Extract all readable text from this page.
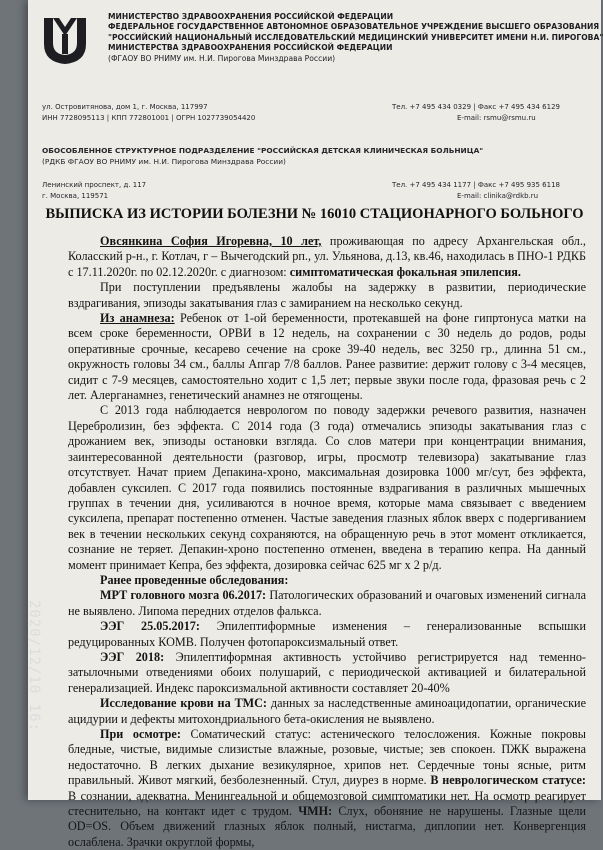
МИНИСТЕРСТВО ЗДРАВООХРАНЕНИЯ РОССИЙСКОЙ ФЕДЕРАЦИИ
ФЕДЕРАЛЬНОЕ ГОСУДАРСТВЕННОЕ АВТОНОМНОЕ ОБРАЗОВАТЕЛЬНОЕ УЧРЕЖДЕНИЕ ВЫСШЕГО ОБРАЗОВАНИЯ
"РОССИЙСКИЙ НАЦИОНАЛЬНЫЙ ИССЛЕДОВАТЕЛЬСКИЙ МЕДИЦИНСКИЙ УНИВЕРСИТЕТ ИМЕНИ Н.И. ПИРОГОВА"
МИНИСТЕРСТВА ЗДРАВООХРАНЕНИЯ РОССИЙСКОЙ ФЕДЕРАЦИИ
(ФГАОУ ВО РНИМУ им. Н.И. Пирогова Минздрава России)
ул. Островитянова, дом 1, г. Москва, 117997	Тел. +7 495 434 0329 | Факс +7 495 434 6129
ИНН 7728095113 | КПП 772801001 | ОГРН 1027739054420	E-mail: rsmu@rsmu.ru
ОБОСОБЛЕННОЕ СТРУКТУРНОЕ ПОДРАЗДЕЛЕНИЕ "РОССИЙСКАЯ ДЕТСКАЯ КЛИНИЧЕСКАЯ БОЛЬНИЦА"
(РДКБ ФГАОУ ВО РНИМУ им. Н.И. Пирогова Минздрава России)
Ленинский проспект, д. 117	Тел. +7 495 434 1177 | Факс +7 495 935 6118
г. Москва, 119571	E-mail: clinika@rdkb.ru
ВЫПИСКА ИЗ ИСТОРИИ БОЛЕЗНИ № 16010 СТАЦИОНАРНОГО БОЛЬНОГО

Овсянкина София Игоревна, 10 лет, проживающая по адресу Архангельская обл., Коласский р-н., г. Котлач, г – Вычегодский рп., ул. Ульянова, д.13, кв.46, находилась в ПНО-1 РДКБ с 17.11.2020г. по 02.12.2020г. с диагнозом: симптоматическая фокальная эпилепсия.

При поступлении предъявлены жалобы на задержку в развитии, периодические вздрагивания, эпизоды закатывания глаз с замиранием на несколько секунд.

Из анамнеза: Ребенок от 1-ой беременности, протекавшей на фоне гипртонуса матки на всем сроке беременности, ОРВИ в 12 недель, на сохранении с 30 недель до родов, роды оперативные срочные, кесарево сечение на сроке 39-40 недель, вес 3250 гр., длинна 51 см., окружность головы 34 см., баллы Апгар 7/8 баллов. Ранее развитие: держит голову с 3-4 месяцев, сидит с 7-9 месяцев, самостоятельно ходит с 1,5 лет; первые звуки после года, фразовая речь с 2 лет. Алерганамнез, генетический анамнез не отягощены.

С 2013 года наблюдается неврологом по поводу задержки речевого развития, назначен Церебролизин, без эффекта. С 2014 года (3 года) отмечались эпизоды закатывания глаз с дрожанием век, эпизоды остановки взгляда. Со слов матери при концентрации внимания, заинтересованной деятельности (разговор, игры, просмотр телевизора) закатывание глаз отсутствует. Начат прием Депакина-хроно, максимальная дозировка 1000 мг/сут, без эффекта, добавлен суксилеп. С 2017 года появились постоянные вздрагивания в различных мышечных группах в течении дня, усиливаются в ночное время, которые мама связывает с введением суксилепа, препарат постепенно отменен. Частые заведения глазных яблок вверх с подергиванием век в течении нескольких секунд сохраняются, на обращенную речь в этот момент откликается, сознание не теряет. Депакин-хроно постепенно отменен, введена в терапию кепра. На данный момент принимает Кепра, без эффекта, дозировка сейчас 625 мг х 2 р/д.

Ранее проведенные обследования:

МРТ головного мозга 06.2017: Патологических образований и очаговых изменений сигнала не выявлено. Липома передних отделов фалькса.

ЭЭГ 25.05.2017: Эпилептиформные изменения – генерализованные вспышки редуцированных КОМВ. Получен фотопароксизмальный ответ.

ЭЭГ 2018: Эпилептиформная активность устойчиво регистрируется над теменно-затылочными отведениями обоих полушарий, с периодической активацией и билатеральной генерализацией. Индекс пароксизмальной активности составляет 20-40%

Исследование крови на ТМС: данных за наследственные аминоацидопатии, органические ацидурии и дефекты митохондриального бета-окисления не выявлено.

При осмотре: Соматический статус: астенического телосложения. Кожные покровы бледные, чистые, видимые слизистые влажные, розовые, чистые; зев спокоен. ПЖК выражена недостаточно. В легких дыхание везикулярное, хрипов нет. Сердечные тоны ясные, ритм правильный. Живот мягкий, безболезненный. Стул, диурез в норме. В неврологическом статусе: В сознании, адекватна. Менингеальной и общемозговой симптоматики нет. На осмотр реагирует стеснительно, на контакт идет с трудом. ЧМН: Слух, обоняние не нарушены. Глазные щели OD=OS. Объем движений глазных яблок полный, нистагма, диплопии нет. Конвергенция ослаблена. Зрачки округлой формы,

2020/12/10 16:
